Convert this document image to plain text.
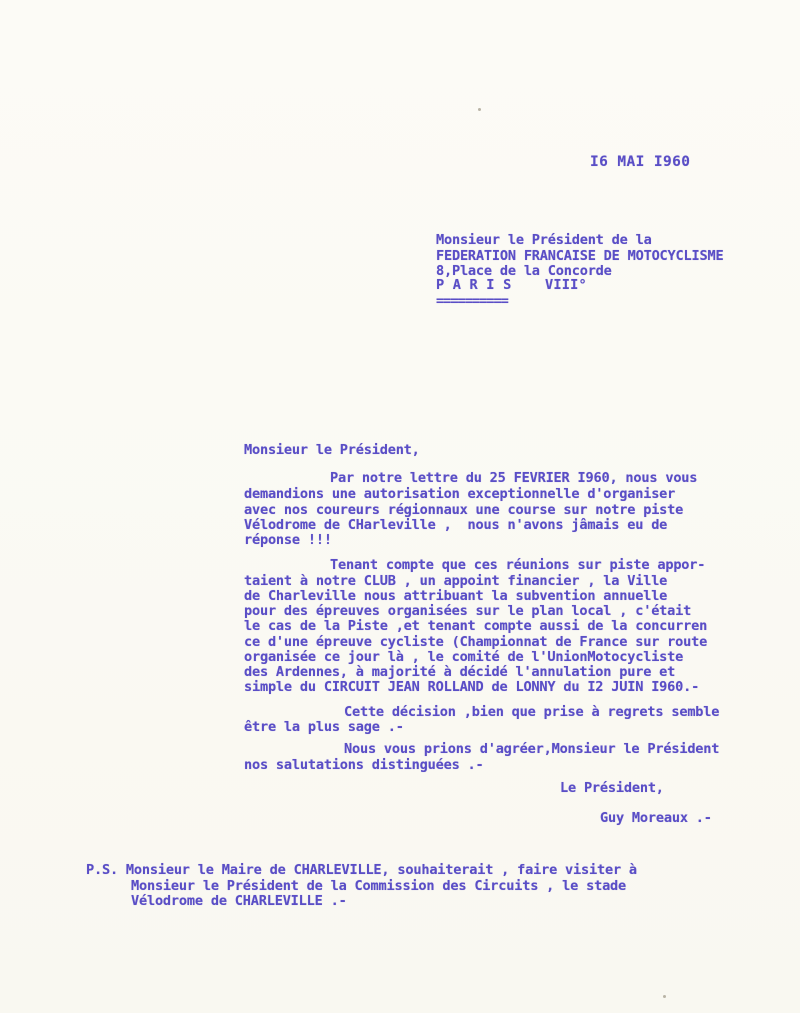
I6 MAI I960
Monsieur le Président de la
FEDERATION FRANCAISE DE MOTOCYCLISME
8,Place de la Concorde
P A R I S    VIII°
==========
Monsieur le Président,
Par notre lettre du 25 FEVRIER I960, nous vous
demandions une autorisation exceptionnelle d'organiser
avec nos coureurs régionnaux une course sur notre piste
Vélodrome de CHarleville ,  nous n'avons jâmais eu de
réponse !!!
Tenant compte que ces réunions sur piste appor-
taient à notre CLUB , un appoint financier , la Ville
de Charleville nous attribuant la subvention annuelle
pour des épreuves organisées sur le plan local , c'était
le cas de la Piste ,et tenant compte aussi de la concurren
ce d'une épreuve cycliste (Championnat de France sur route
organisée ce jour là , le comité de l'UnionMotocycliste
des Ardennes, à majorité à décidé l'annulation pure et
simple du CIRCUIT JEAN ROLLAND de LONNY du I2 JUIN I960.-
Cette décision ,bien que prise à regrets semble
être la plus sage .-
Nous vous prions d'agréer,Monsieur le Président
nos salutations distinguées .-
Le Président,
Guy Moreaux .-
P.S. Monsieur le Maire de CHARLEVILLE, souhaiterait , faire visiter à
Monsieur le Président de la Commission des Circuits , le stade
Vélodrome de CHARLEVILLE .-
